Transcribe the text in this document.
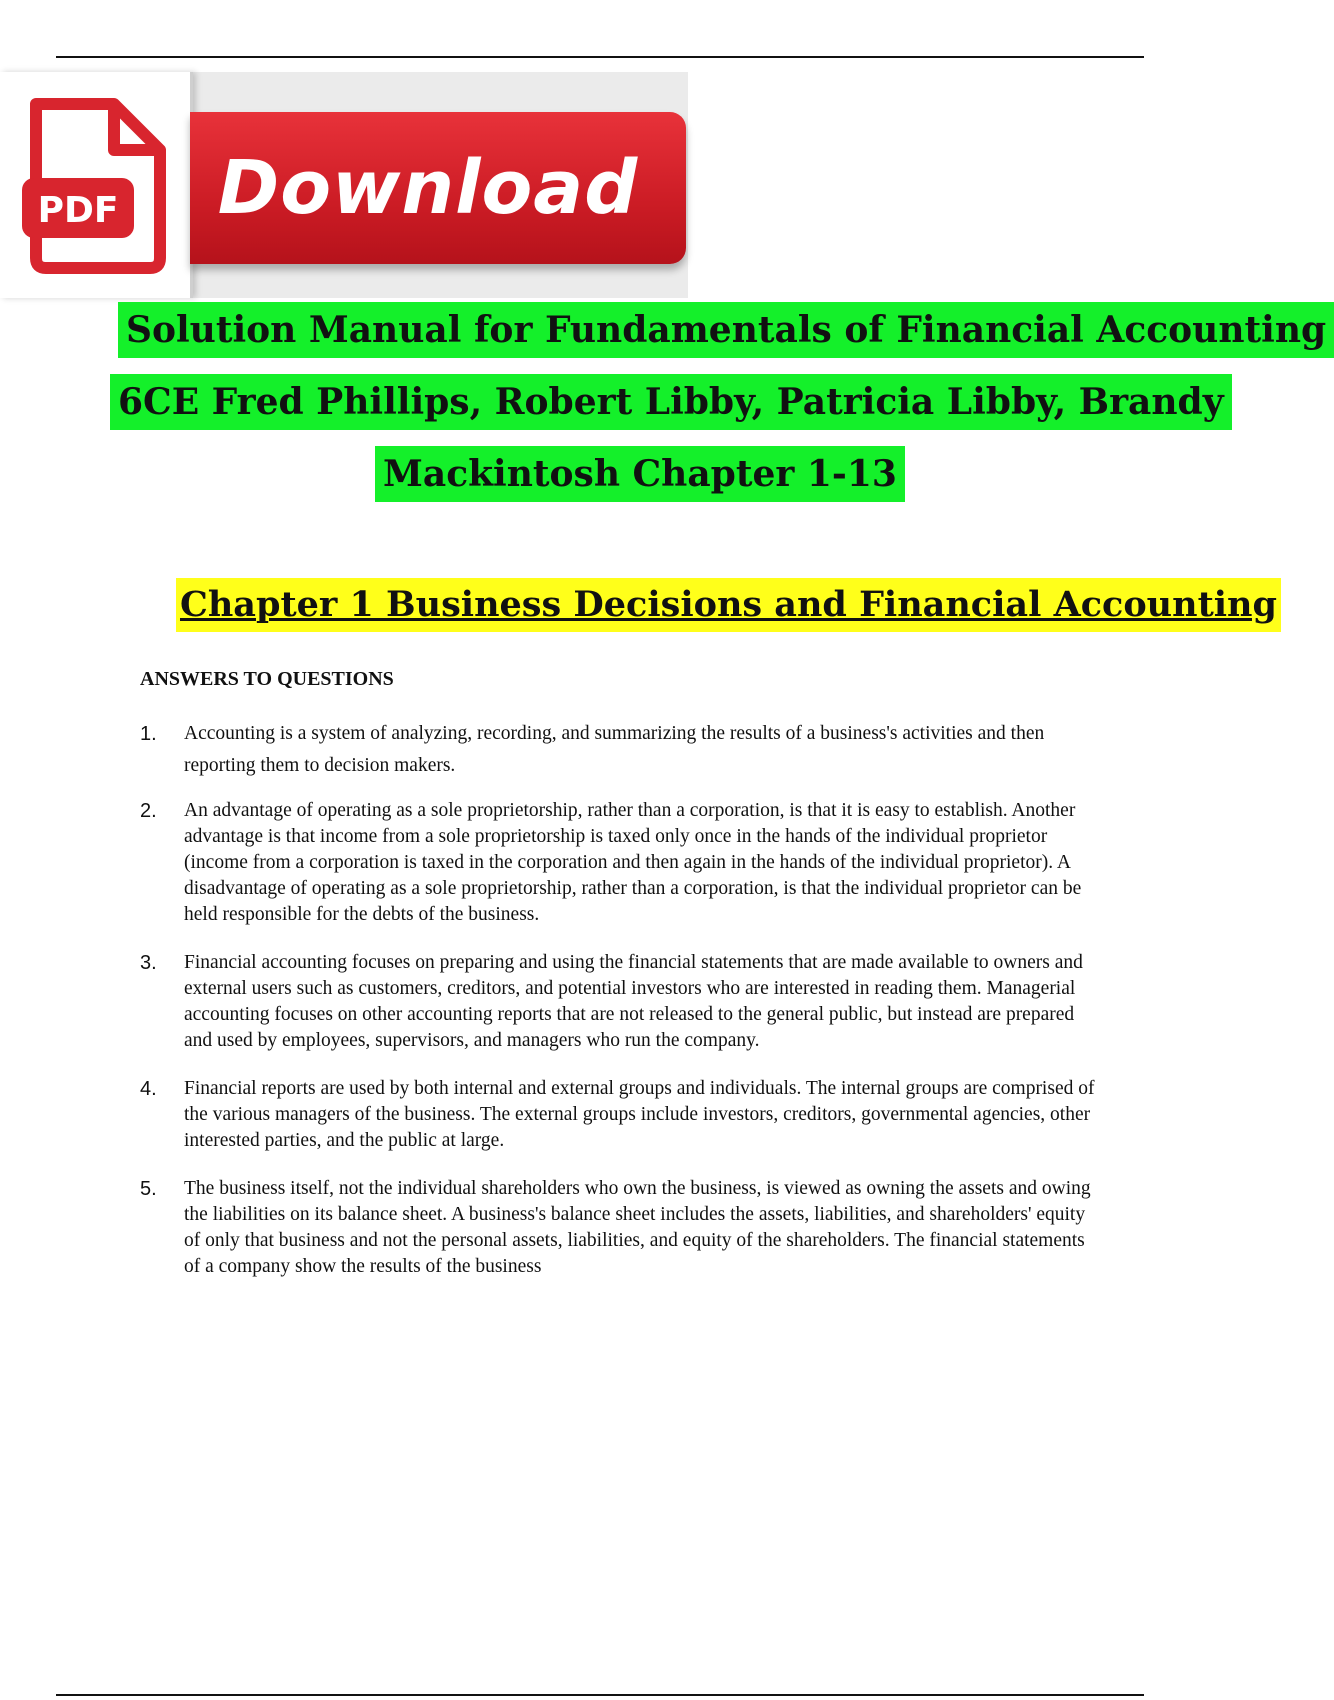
PDF Download
Solution Manual for Fundamentals of Financial Accounting
6CE Fred Phillips, Robert Libby, Patricia Libby, Brandy
Mackintosh Chapter 1-13
Chapter 1 Business Decisions and Financial Accounting
ANSWERS TO QUESTIONS
1. Accounting is a system of analyzing, recording, and summarizing the results of a business's activities and then reporting them to decision makers.
2. An advantage of operating as a sole proprietorship, rather than a corporation, is that it is easy to establish. Another advantage is that income from a sole proprietorship is taxed only once in the hands of the individual proprietor (income from a corporation is taxed in the corporation and then again in the hands of the individual proprietor). A disadvantage of operating as a sole proprietorship, rather than a corporation, is that the individual proprietor can be held responsible for the debts of the business.
3. Financial accounting focuses on preparing and using the financial statements that are made available to owners and external users such as customers, creditors, and potential investors who are interested in reading them. Managerial accounting focuses on other accounting reports that are not released to the general public, but instead are prepared and used by employees, supervisors, and managers who run the company.
4. Financial reports are used by both internal and external groups and individuals. The internal groups are comprised of the various managers of the business. The external groups include investors, creditors, governmental agencies, other interested parties, and the public at large.
5. The business itself, not the individual shareholders who own the business, is viewed as owning the assets and owing the liabilities on its balance sheet. A business's balance sheet includes the assets, liabilities, and shareholders' equity of only that business and not the personal assets, liabilities, and equity of the shareholders. The financial statements of a company show the results of the business
